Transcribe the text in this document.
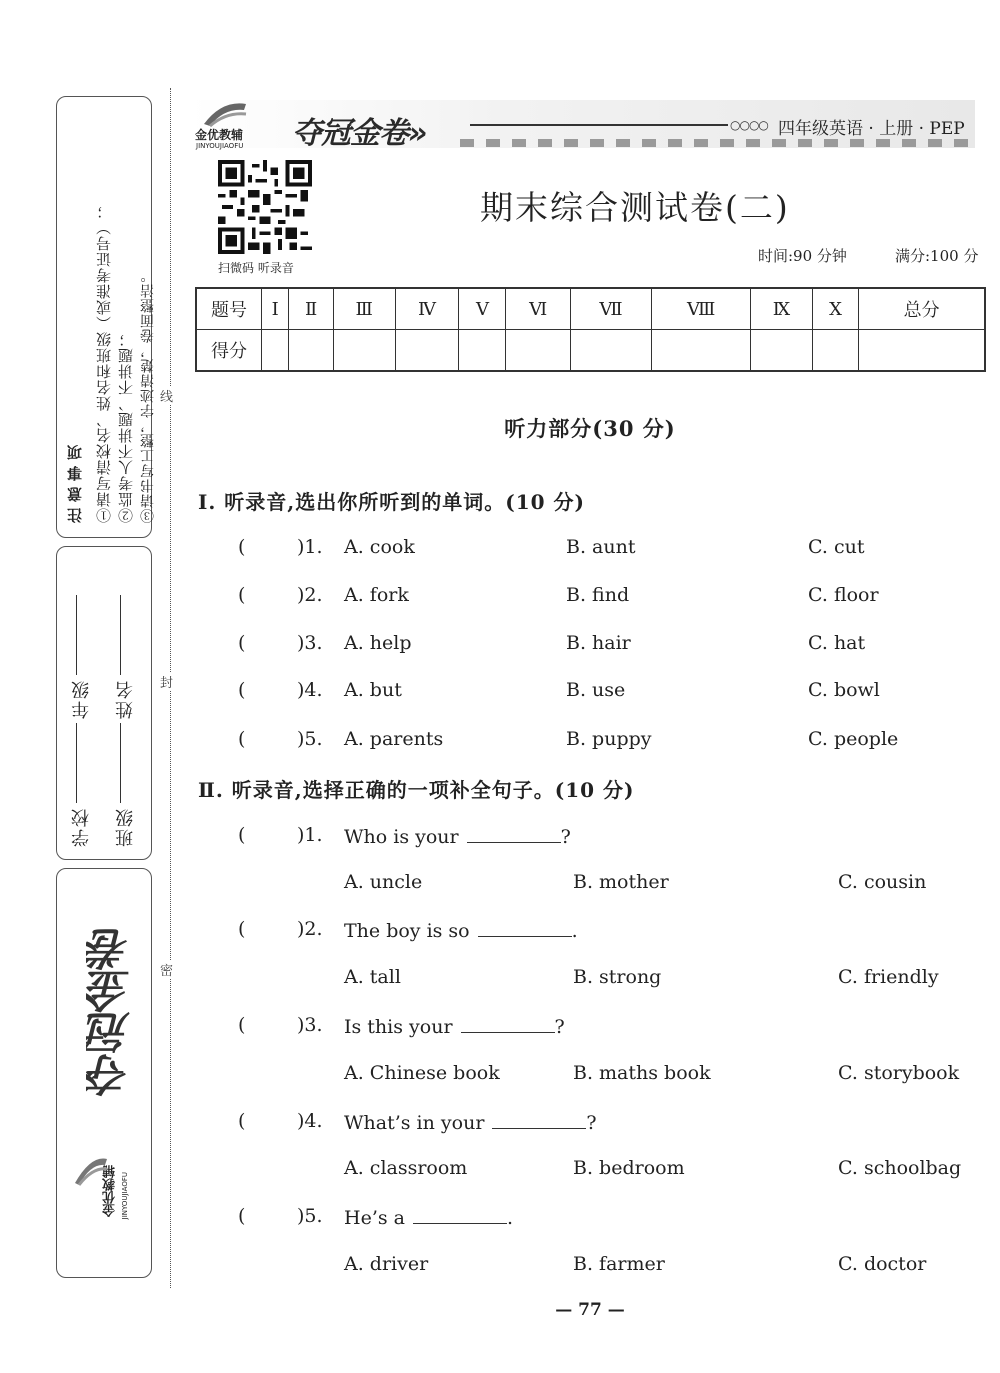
注意事项 ①请写清校名、姓名和班级（或准考证号）； ②监考人不讲题、不讲题； ③请书写工整，字迹清楚，卷面整洁。
学校年级
班级姓名
夺冠金卷
金优教辅 JINYOUJIAOFU
线
封
密
金优教辅
JINYOUJIAOFU 夺冠金卷»	○○○○ 四年级英语 · 上册 · PEP
扫微码 听录音
期末综合测试卷(二)
时间:90 分钟	满分:100 分
题号	Ⅰ	Ⅱ	Ⅲ	Ⅳ	Ⅴ	Ⅵ	Ⅶ	Ⅷ	Ⅸ	Ⅹ	总分
得分											
听力部分(30 分)
Ⅰ. 听录音,选出你所听到的单词。(10 分)
(	)1. A. cook	B. aunt	C. cut
(	)2. A. fork	B. find	C. floor
(	)3. A. help	B. hair	C. hat
(	)4. A. but	B. use	C. bowl
(	)5. A. parents	B. puppy	C. people
Ⅱ. 听录音,选择正确的一项补全句子。(10 分)
(	)1. Who is your	?
A. uncle	B. mother	C. cousin
(	)2. The boy is so	.
A. tall	B. strong	C. friendly
(	)3. Is this your	?
A. Chinese book	B. maths book	C. storybook
(	)4. What’s in your	?
A. classroom	B. bedroom	C. schoolbag
(	)5. He’s a	.
A. driver	B. farmer	C. doctor
— 77 —
